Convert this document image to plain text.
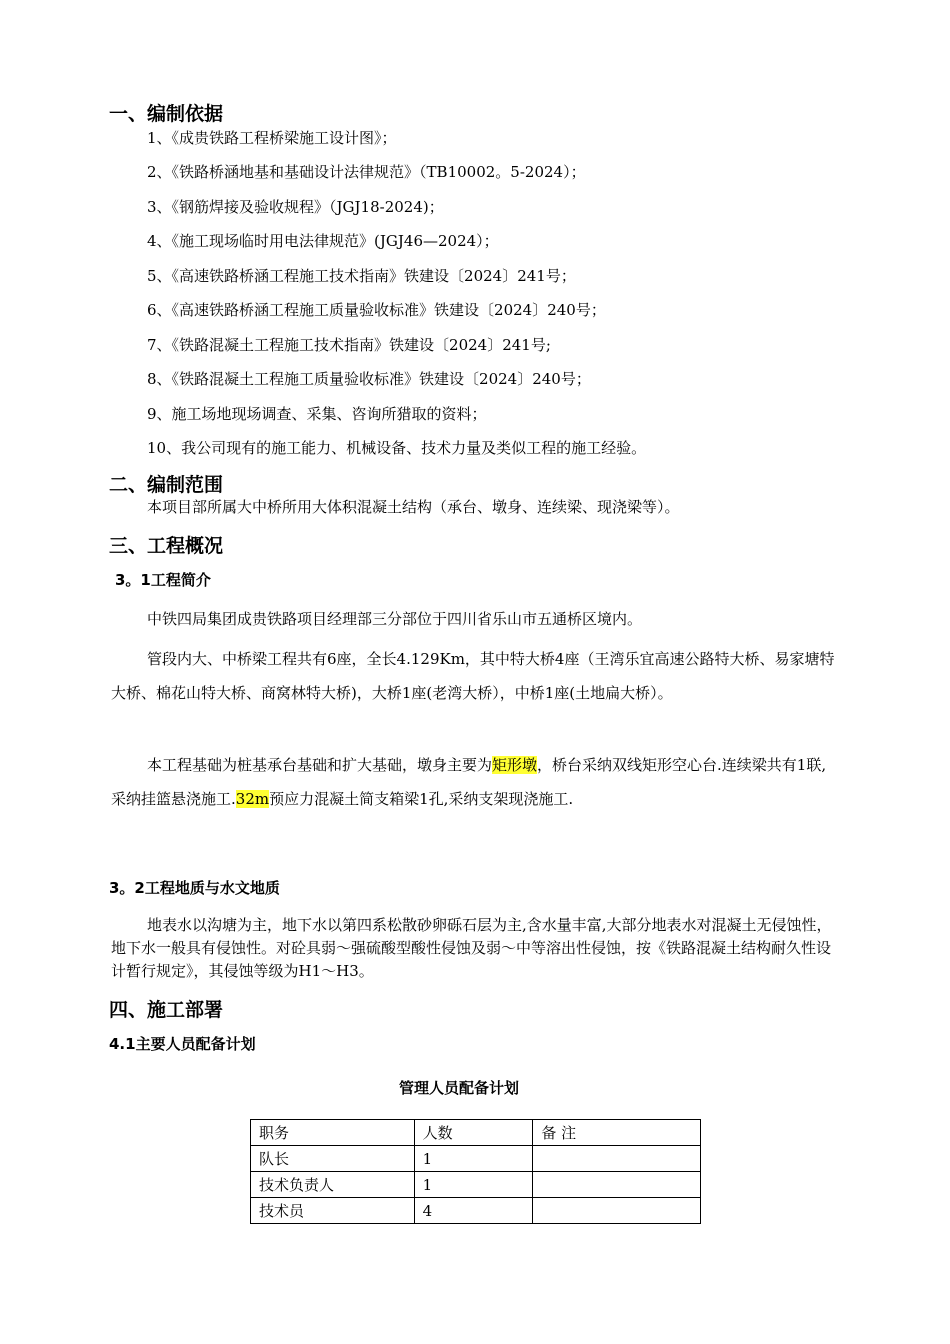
一、编制依据
1、《成贵铁路工程桥梁施工设计图》；
2、《铁路桥涵地基和基础设计法律规范》（TB10002。5-2024）；
3、《钢筋焊接及验收规程》（JGJ18-2024)；
4、《施工现场临时用电法律规范》(JGJ46—2024）；
5、《高速铁路桥涵工程施工技术指南》铁建设〔2024〕241号；
6、《高速铁路桥涵工程施工质量验收标准》铁建设〔2024〕240号；
7、《铁路混凝土工程施工技术指南》铁建设〔2024〕241号;
8、《铁路混凝土工程施工质量验收标准》铁建设〔2024〕240号；
9、施工场地现场调查、采集、咨询所猎取的资料；
10、我公司现有的施工能力、机械设备、技术力量及类似工程的施工经验。
二、编制范围
本项目部所属大中桥所用大体积混凝土结构（承台、墩身、连续梁、现浇梁等）。
三、工程概况
3。1工程简介
中铁四局集团成贵铁路项目经理部三分部位于四川省乐山市五通桥区境内。
管段内大、中桥梁工程共有6座，全长4.129Km，其中特大桥4座（王湾乐宜高速公路特大桥、易家塘特大桥、棉花山特大桥、商窝林特大桥)，大桥1座(老湾大桥），中桥1座(土地扁大桥）。
本工程基础为桩基承台基础和扩大基础，墩身主要为矩形墩，桥台采纳双线矩形空心台.连续梁共有1联,采纳挂篮悬浇施工.32m预应力混凝土简支箱梁1孔,采纳支架现浇施工.
3。2工程地质与水文地质
地表水以沟塘为主，地下水以第四系松散砂卵砾石层为主,含水量丰富,大部分地表水对混凝土无侵蚀性，地下水一般具有侵蚀性。对砼具弱～强硫酸型酸性侵蚀及弱～中等溶出性侵蚀，按《铁路混凝土结构耐久性设计暂行规定》，其侵蚀等级为H1～H3。
四、施工部署
4.1主要人员配备计划
管理人员配备计划
职务	人数	备 注
队长	1	
技术负责人	1	
技术员	4	
